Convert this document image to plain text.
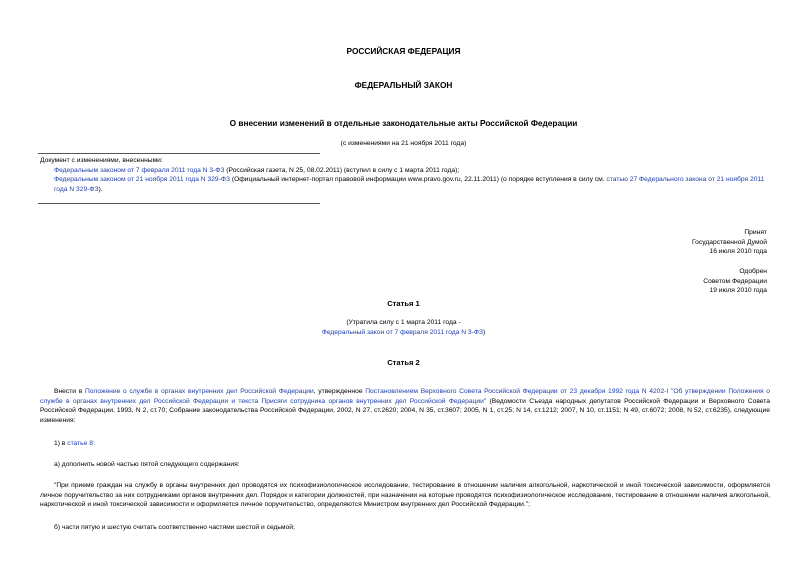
РОССИЙСКАЯ ФЕДЕРАЦИЯ
ФЕДЕРАЛЬНЫЙ ЗАКОН
О внесении изменений в отдельные законодательные акты Российской Федерации
(с изменениями на 21 ноября 2011 года)
Документ с изменениями, внесенными:
Федеральным законом от 7 февраля 2011 года N 3-ФЗ (Российская газета, N 25, 08.02.2011) (вступил в силу с 1 марта 2011 года);
Федеральным законом от 21 ноября 2011 года N 329-ФЗ (Официальный интернет-портал правовой информации www.pravo.gov.ru, 22.11.2011) (о порядке вступления в силу см. статью 27 Федерального закона от 21 ноября 2011 года N 329-ФЗ).
Принят
Государственной Думой
16 июля 2010 года
Одобрен
Советом Федерации
19 июля 2010 года
Статья 1
(Утратила силу с 1 марта 2011 года -
Федеральный закон от 7 февраля 2011 года N 3-ФЗ)
Статья 2
Внести в Положение о службе в органах внутренних дел Российской Федерации, утвержденное Постановлением Верховного Совета Российской Федерации от 23 декабря 1992 года N 4202-I "Об утверждении Положения о службе в органах внутренних дел Российской Федерации и текста Присяги сотрудника органов внутренних дел Российской Федерации" (Ведомости Съезда народных депутатов Российской Федерации и Верховного Совета Российской Федерации, 1993, N 2, ст.70; Собрание законодательства Российской Федерации, 2002, N 27, ст.2620; 2004, N 35, ст.3607; 2005, N 1, ст.25; N 14, ст.1212; 2007, N 10, ст.1151; N 49, ст.6072; 2008, N 52, ст.6235), следующие изменения:
1) в статье 8:
а) дополнить новой частью пятой следующего содержания:
"При приеме граждан на службу в органы внутренних дел проводятся их психофизиологическое исследование, тестирование в отношении наличия алкогольной, наркотической и иной токсической зависимости, оформляется личное поручительство за них сотрудниками органов внутренних дел. Порядок и категории должностей, при назначении на которые проводятся психофизиологическое исследование, тестирование в отношении наличия алкогольной, наркотической и иной токсической зависимости и оформляется личное поручительство, определяются Министром внутренних дел Российской Федерации.";
б) части пятую и шестую считать соответственно частями шестой и седьмой;
